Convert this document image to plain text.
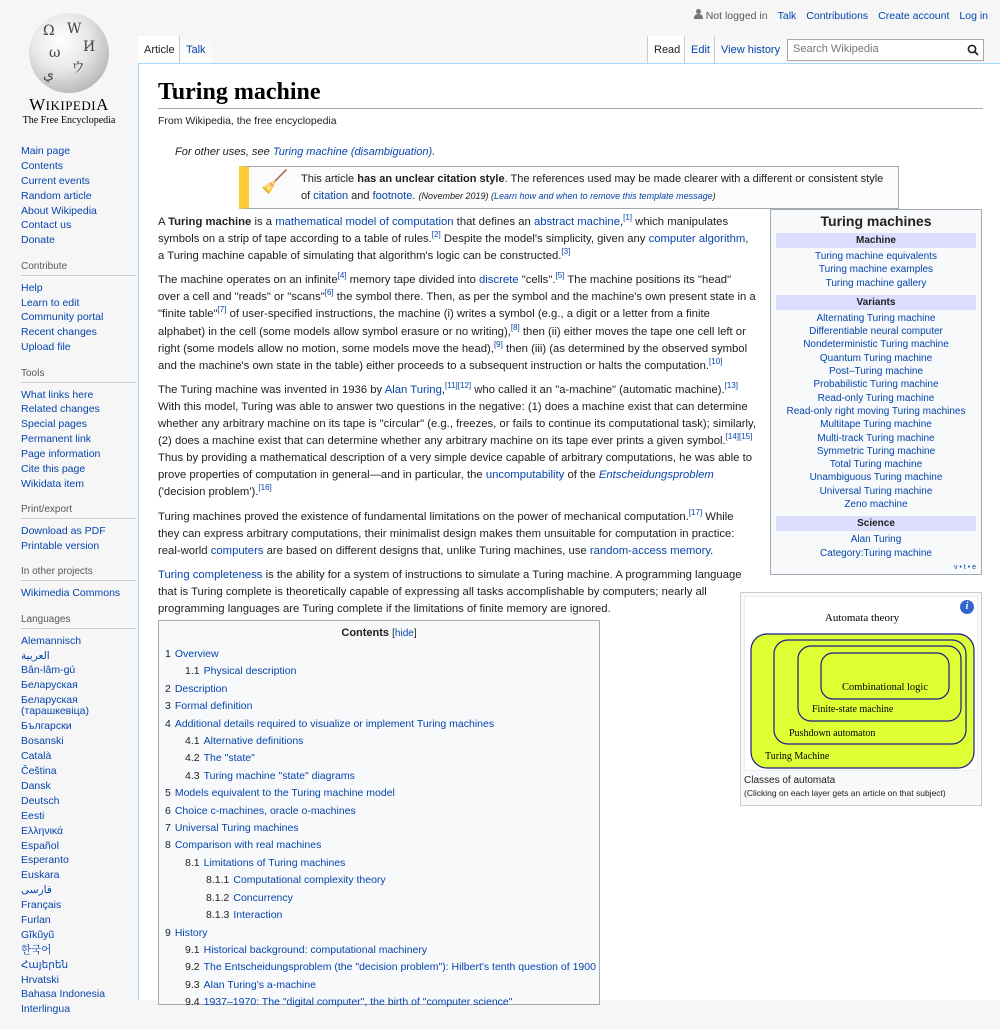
Ω W
И
ω
ウ
ي
WIKIPEDIA
The Free Encyclopedia
Not logged in Talk Contributions Create account Log in
Article	Talk	Read Edit	View history	Search Wikipedia
Main page
Contents
Current events
Random article
About Wikipedia
Contact us
Donate
Contribute
Help
Learn to edit
Community portal
Recent changes
Upload file
Tools
What links here
Related changes
Special pages
Permanent link
Page information
Cite this page
Wikidata item
Print/export
Download as PDF
Printable version
In other projects
Wikimedia Commons
Languages
Alemannisch
العربية
Bân-lâm-gú
Беларуская
Беларуская (тарашкевіца)
Български
Bosanski
Català
Čeština
Dansk
Deutsch
Eesti
Ελληνικά
Español
Esperanto
Euskara
فارسی
Français
Furlan
Gĩkũyũ
한국어
Հայերեն
Hrvatski
Bahasa Indonesia
Interlingua
Turing machine
From Wikipedia, the free encyclopedia
For other uses, see Turing machine (disambiguation).
🧹 This article has an unclear citation style. The references used may be made clearer with a different or consistent style of citation and footnote. (November 2019) (Learn how and when to remove this template message)

A Turing machine is a mathematical model of computation that defines an abstract machine,[1] which manipulates symbols on a strip of tape according to a table of rules.[2] Despite the model's simplicity, given any computer algorithm, a Turing machine capable of simulating that algorithm's logic can be constructed.[3]

The machine operates on an infinite[4] memory tape divided into discrete "cells".[5] The machine positions its "head" over a cell and "reads" or "scans"[6] the symbol there. Then, as per the symbol and the machine's own present state in a "finite table"[7] of user-specified instructions, the machine (i) writes a symbol (e.g., a digit or a letter from a finite alphabet) in the cell (some models allow symbol erasure or no writing),[8] then (ii) either moves the tape one cell left or right (some models allow no motion, some models move the head),[9] then (iii) (as determined by the observed symbol and the machine's own state in the table) either proceeds to a subsequent instruction or halts the computation.[10]

The Turing machine was invented in 1936 by Alan Turing,[11][12] who called it an "a-machine" (automatic machine).[13] With this model, Turing was able to answer two questions in the negative: (1) does a machine exist that can determine whether any arbitrary machine on its tape is "circular" (e.g., freezes, or fails to continue its computational task); similarly, (2) does a machine exist that can determine whether any arbitrary machine on its tape ever prints a given symbol.[14][15] Thus by providing a mathematical description of a very simple device capable of arbitrary computations, he was able to prove properties of computation in general—and in particular, the uncomputability of the Entscheidungsproblem ('decision problem').[16]

Turing machines proved the existence of fundamental limitations on the power of mechanical computation.[17] While they can express arbitrary computations, their minimalist design makes them unsuitable for computation in practice: real-world computers are based on different designs that, unlike Turing machines, use random-access memory.

Turing completeness is the ability for a system of instructions to simulate a Turing machine. A programming language that is Turing complete is theoretically capable of expressing all tasks accomplishable by computers; nearly all programming languages are Turing complete if the limitations of finite memory are ignored.

Turing machines
Machine
Turing machine equivalents
Turing machine examples
Turing machine gallery
Variants
Alternating Turing machine
Differentiable neural computer
Nondeterministic Turing machine
Quantum Turing machine
Post–Turing machine
Probabilistic Turing machine
Read-only Turing machine
Read-only right moving Turing machines
Multitape Turing machine
Multi-track Turing machine
Symmetric Turing machine
Total Turing machine
Unambiguous Turing machine
Universal Turing machine
Zeno machine
Science
Alan Turing
Category:Turing machine
v • t • e
Automata theory
Combinational logic
Finite-state machine
Pushdown automaton
Turing Machine
i
Classes of automata
(Clicking on each layer gets an article on that subject)
Contents [hide]
1 Overview
1.1 Physical description
2 Description
3 Formal definition
4 Additional details required to visualize or implement Turing machines
4.1 Alternative definitions
4.2 The "state"
4.3 Turing machine "state" diagrams
5 Models equivalent to the Turing machine model
6 Choice c-machines, oracle o-machines
7 Universal Turing machines
8 Comparison with real machines
8.1 Limitations of Turing machines
8.1.1 Computational complexity theory
8.1.2 Concurrency
8.1.3 Interaction
9 History
9.1 Historical background: computational machinery
9.2 The Entscheidungsproblem (the "decision problem"): Hilbert's tenth question of 1900
9.3 Alan Turing's a-machine
9.4 1937–1970: The "digital computer", the birth of "computer science"
